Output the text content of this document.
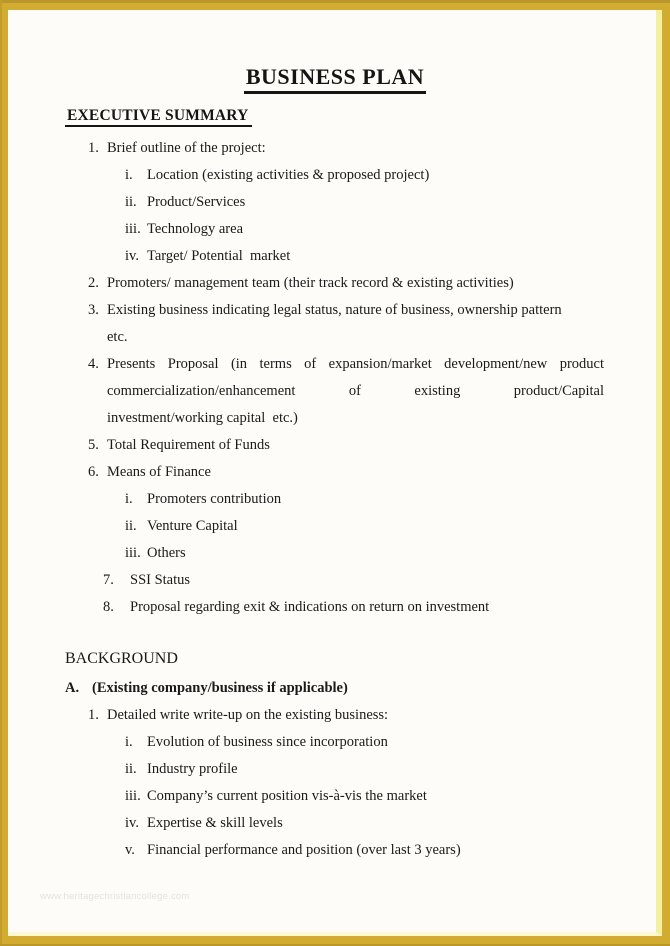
BUSINESS PLAN
EXECUTIVE SUMMARY
1. Brief outline of the project:
i. Location (existing activities & proposed project)
ii. Product/Services
iii. Technology area
iv. Target/ Potential  market
2. Promoters/ management team (their track record & existing activities)
3. Existing business indicating legal status, nature of business, ownership pattern
etc.
4. Presents Proposal (in terms of expansion/market development/new product
commercialization/enhancement of existing product/Capital
investment/working capital  etc.)
5. Total Requirement of Funds
6. Means of Finance
i. Promoters contribution
ii. Venture Capital
iii. Others
7. SSI Status
8. Proposal regarding exit & indications on return on investment
BACKGROUND
A. (Existing company/business if applicable)
1. Detailed write write-up on the existing business:
i. Evolution of business since incorporation
ii. Industry profile
iii. Company’s current position vis-à-vis the market
iv. Expertise & skill levels
v. Financial performance and position (over last 3 years)
www.heritagechristiancollege.com
